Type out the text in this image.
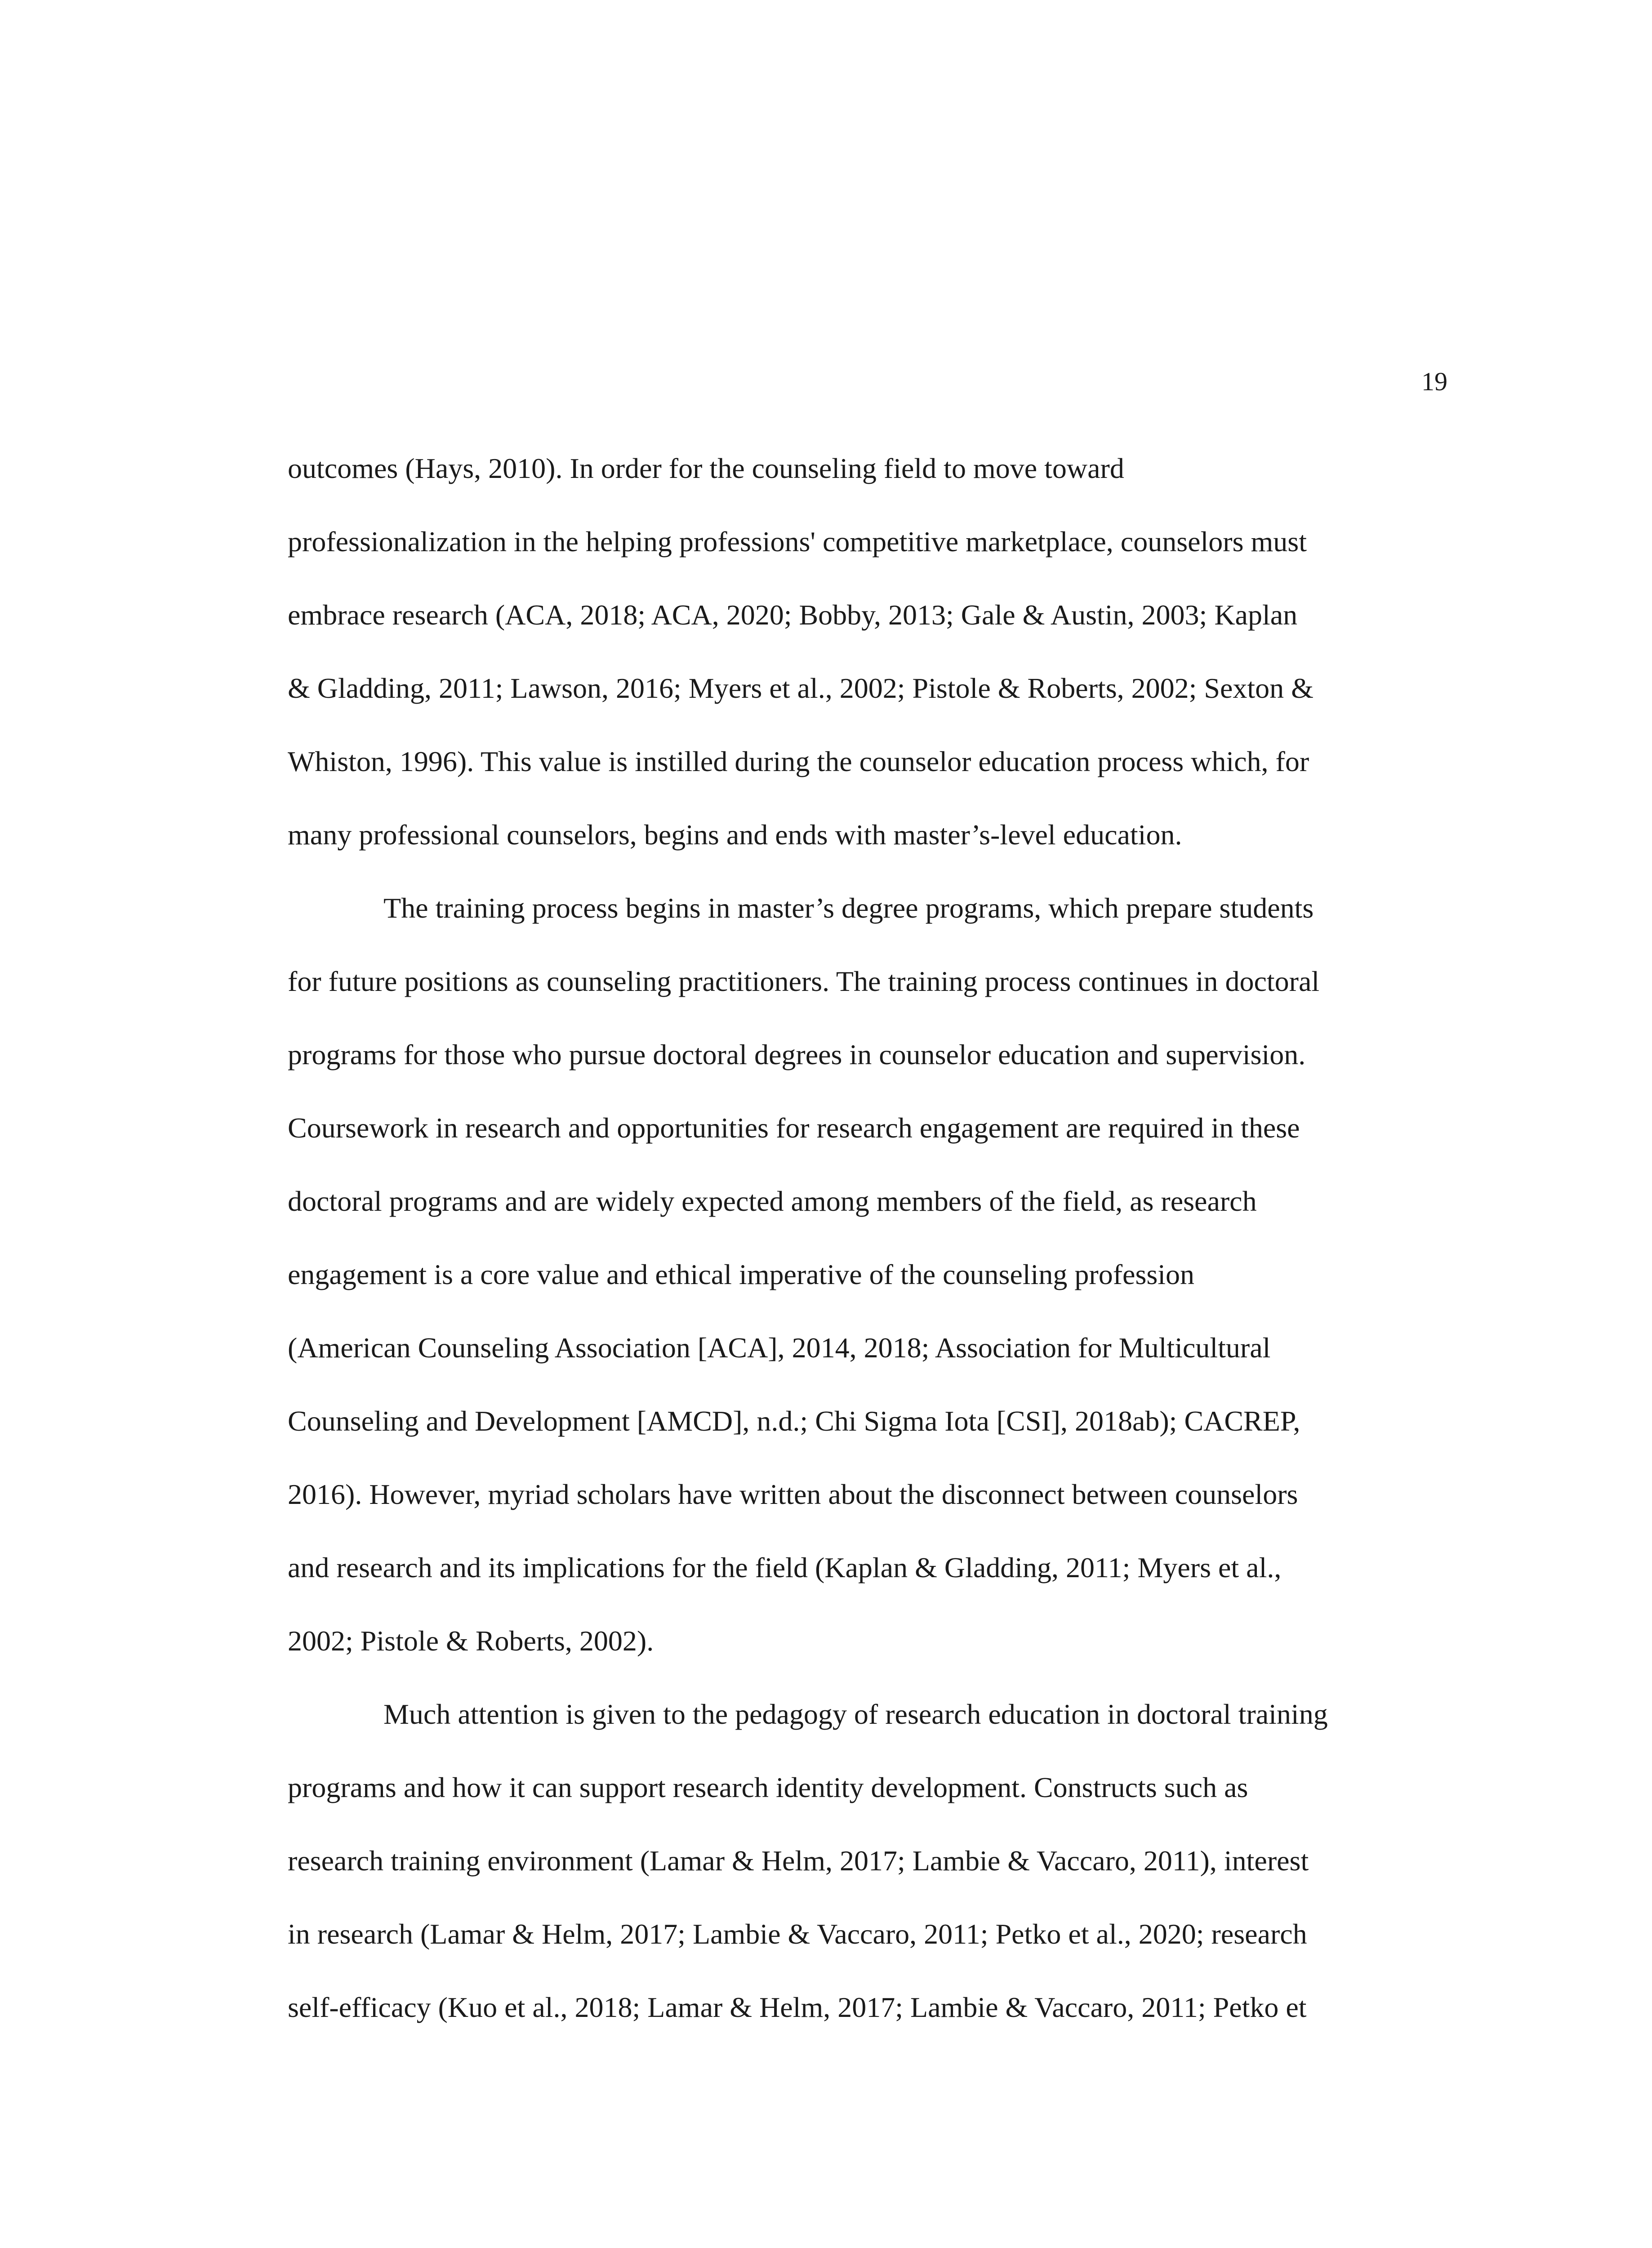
19
outcomes (Hays, 2010). In order for the counseling field to move toward
professionalization in the helping professions' competitive marketplace, counselors must
embrace research (ACA, 2018; ACA, 2020; Bobby, 2013; Gale & Austin, 2003; Kaplan
& Gladding, 2011; Lawson, 2016; Myers et al., 2002; Pistole & Roberts, 2002; Sexton &
Whiston, 1996). This value is instilled during the counselor education process which, for
many professional counselors, begins and ends with master’s-level education.
The training process begins in master’s degree programs, which prepare students
for future positions as counseling practitioners. The training process continues in doctoral
programs for those who pursue doctoral degrees in counselor education and supervision.
Coursework in research and opportunities for research engagement are required in these
doctoral programs and are widely expected among members of the field, as research
engagement is a core value and ethical imperative of the counseling profession
(American Counseling Association [ACA], 2014, 2018; Association for Multicultural
Counseling and Development [AMCD], n.d.; Chi Sigma Iota [CSI], 2018ab); CACREP,
2016). However, myriad scholars have written about the disconnect between counselors
and research and its implications for the field (Kaplan & Gladding, 2011; Myers et al.,
2002; Pistole & Roberts, 2002).
Much attention is given to the pedagogy of research education in doctoral training
programs and how it can support research identity development. Constructs such as
research training environment (Lamar & Helm, 2017; Lambie & Vaccaro, 2011), interest
in research (Lamar & Helm, 2017; Lambie & Vaccaro, 2011; Petko et al., 2020; research
self-efficacy (Kuo et al., 2018; Lamar & Helm, 2017; Lambie & Vaccaro, 2011; Petko et
